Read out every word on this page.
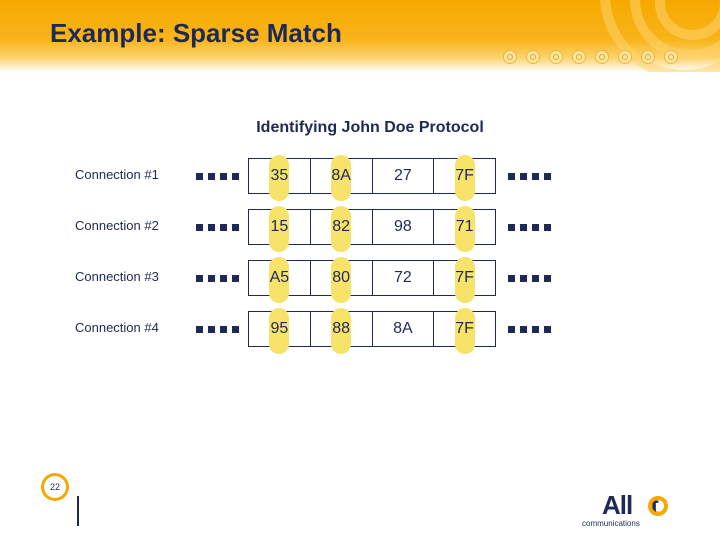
Example: Sparse Match
Identifying John Doe Protocol
Connection #1	35	8A	27	7F
Connection #2	15	82	98	71
Connection #3	A5	80	72	7F
Connection #4	95	88	8A	7F
22
All t
communications
